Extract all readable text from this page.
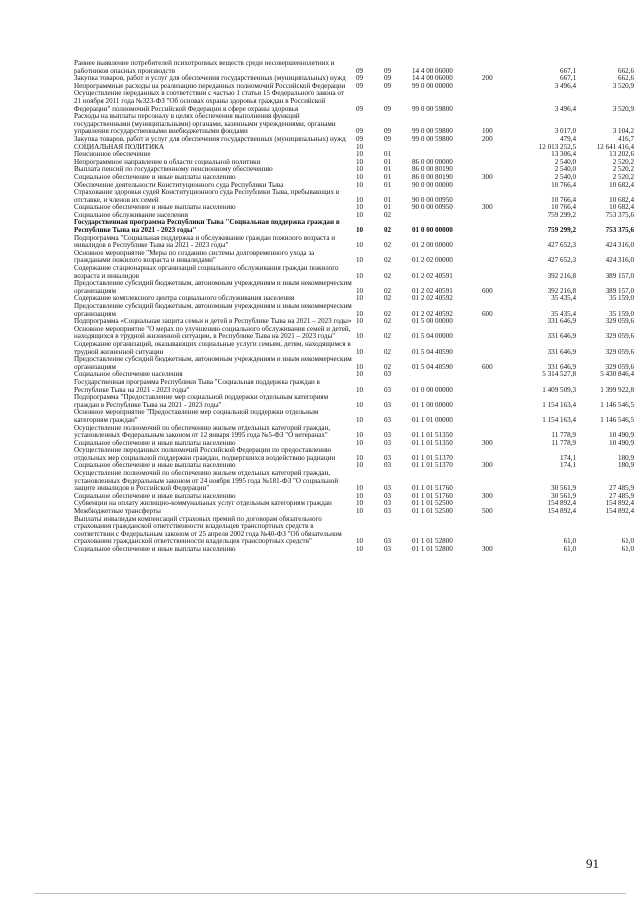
Раннее выявление потребителей психотропных веществ среди несовершеннолетних и работников опасных производств	09	09	14 4 00 06000		667,1	662,6
Закупка товаров, работ и услуг для обеспечения государственных (муниципальных) нужд	09	09	14 4 00 06000	200	667,1	662,6
Непрограммные расходы на реализацию переданных полномочий Российской Федерации	09	09	99 0 00 00000		3 496,4	3 520,9
Осуществление переданных в соответствии с частью 1 статьи 15 Федерального закона от 21 ноября 2011 года №323-ФЗ "Об основах охраны здоровья граждан в Российской Федерации" полномочий Российской Федерации в сфере охраны здоровья	09	09	99 0 00 59800		3 496,4	3 520,9
Расходы на выплаты персоналу в целях обеспечения выполнения функций государственными (муниципальными) органами, казенными учреждениями, органами управления государственными внебюджетными фондами	09	09	99 0 00 59800	100	3 017,0	3 104,2
Закупка товаров, работ и услуг для обеспечения государственных (муниципальных) нужд	09	09	99 0 00 59800	200	479,4	416,7
СОЦИАЛЬНАЯ ПОЛИТИКА	10				12 013 252,5	12 641 416,4
Пенсионное обеспечение	10	01			13 306,4	13 202,6
Непрограммное направление в области социальной политики	10	01	86 0 00 00000		2 540,0	2 520,2
Выплата пенсий по государственному пенсионному обеспечению	10	01	86 0 00 80190		2 540,0	2 520,2
Социальное обеспечение и иные выплаты населению	10	01	86 0 00 80190	300	2 540,0	2 520,2
Обеспечение деятельности Конституционного суда Республики Тыва	10	01	90 0 00 00000		10 766,4	10 682,4
Страхование здоровья судей Конституционного суда Республики Тыва, пребывающих в отставке, и членов их семей	10	01	90 0 00 00950		10 766,4	10 682,4
Социальное обеспечение и иные выплаты населению	10	01	90 0 00 00950	300	10 766,4	10 682,4
Социальное обслуживание населения	10	02			759 299,2	753 375,6
Государственная программа Республики Тыва "Социальная поддержка граждан в Республике Тыва на 2021 - 2023 годы"	10	02	01 0 00 00000		759 299,2	753 375,6
Подпрограмма "Социальная поддержка и обслуживание граждан пожилого возраста и инвалидов в Республике Тыва на 2021 - 2023 годы"	10	02	01 2 00 00000		427 652,3	424 316,0
Основное мероприятие "Меры по созданию системы долговременного ухода за гражданами пожилого возраста и инвалидами"	10	02	01 2 02 00000		427 652,3	424 316,0
Содержание стационарных организаций социального обслуживания граждан пожилого возраста и инвалидов	10	02	01 2 02 40591		392 216,8	389 157,0
Предоставление субсидий бюджетным, автономным учреждениям и иным некоммерческим организациям	10	02	01 2 02 40591	600	392 216,8	389 157,0
Содержание комплексного центра социального обслуживания населения	10	02	01 2 02 40592		35 435,4	35 159,0
Предоставление субсидий бюджетным, автономным учреждениям и иным некоммерческим организациям	10	02	01 2 02 40592	600	35 435,4	35 159,0
Подпрограмма «Социальная защита семьи и детей в Республике Тыва на 2021 – 2023 годы»	10	02	01 5 00 00000		331 646,9	329 059,6
Основное мероприятие "О мерах по улучшению социального обслуживания семей и детей, находящихся в трудной жизненной ситуации, в Республике Тыва на 2021 – 2023 годы"	10	02	01 5 04 00000		331 646,9	329 059,6
Содержание организаций, оказывающих социальные услуги семьям, детям, находящимся в трудной жизненной ситуации	10	02	01 5 04 40590		331 646,9	329 059,6
Предоставление субсидий бюджетным, автономным учреждениям и иным некоммерческим организациям	10	02	01 5 04 40590	600	331 646,9	329 059,6
Социальное обеспечение населения	10	03			5 314 527,8	5 430 846,4
Государственная программа Республики Тыва "Социальная поддержка граждан в Республике Тыва на 2021 - 2023 годы"	10	03	01 0 00 00000		1 409 509,3	1 399 922,8
Подпрограмма "Предоставление мер социальной поддержки отдельным категориям граждан в Республике Тыва на 2021 - 2023 годы"	10	03	01 1 00 00000		1 154 163,4	1 146 546,5
Основное мероприятие "Предоставление мер социальной поддержки отдельным категориям граждан"	10	03	01 1 01 00000		1 154 163,4	1 146 546,5
Осуществление полномочий по обеспечению жильем отдельных категорий граждан, установленных Федеральным законом от 12 января 1995 года №5-ФЗ "О ветеранах"	10	03	01 1 01 51350		11 778,9	10 490,9
Социальное обеспечение и иные выплаты населению	10	03	01 1 01 51350	300	11 778,9	10 490,9
Осуществление переданных полномочий Российской Федерации по предоставлению отдельных мер социальной поддержки граждан, подвергшихся воздействию радиации	10	03	01 1 01 51370		174,1	180,9
Социальное обеспечение и иные выплаты населению	10	03	01 1 01 51370	300	174,1	180,9
Осуществление полномочий по обеспечению жильем отдельных категорий граждан, установленных Федеральным законом от 24 ноября 1995 года №181-ФЗ "О социальной защите инвалидов в Российской Федерации"	10	03	01 1 01 51760		30 561,9	27 485,9
Социальное обеспечение и иные выплаты населению	10	03	01 1 01 51760	300	30 561,9	27 485,9
Субвенции на оплату жилищно-коммунальных услуг отдельным категориям граждан	10	03	01 1 01 52500		154 892,4	154 892,4
Межбюджетные трансферты	10	03	01 1 01 52500	500	154 892,4	154 892,4
Выплаты инвалидам компенсаций страховых премий по договорам обязательного страхования гражданской ответственности владельцев транспортных средств в соответствии с Федеральным законом от 25 апреля 2002 года №40-ФЗ "Об обязательном страховании гражданской ответственности владельцев транспортных средств"	10	03	01 1 01 52800		61,0	61,0
Социальное обеспечение и иные выплаты населению	10	03	01 1 01 52800	300	61,0	61,0
91
